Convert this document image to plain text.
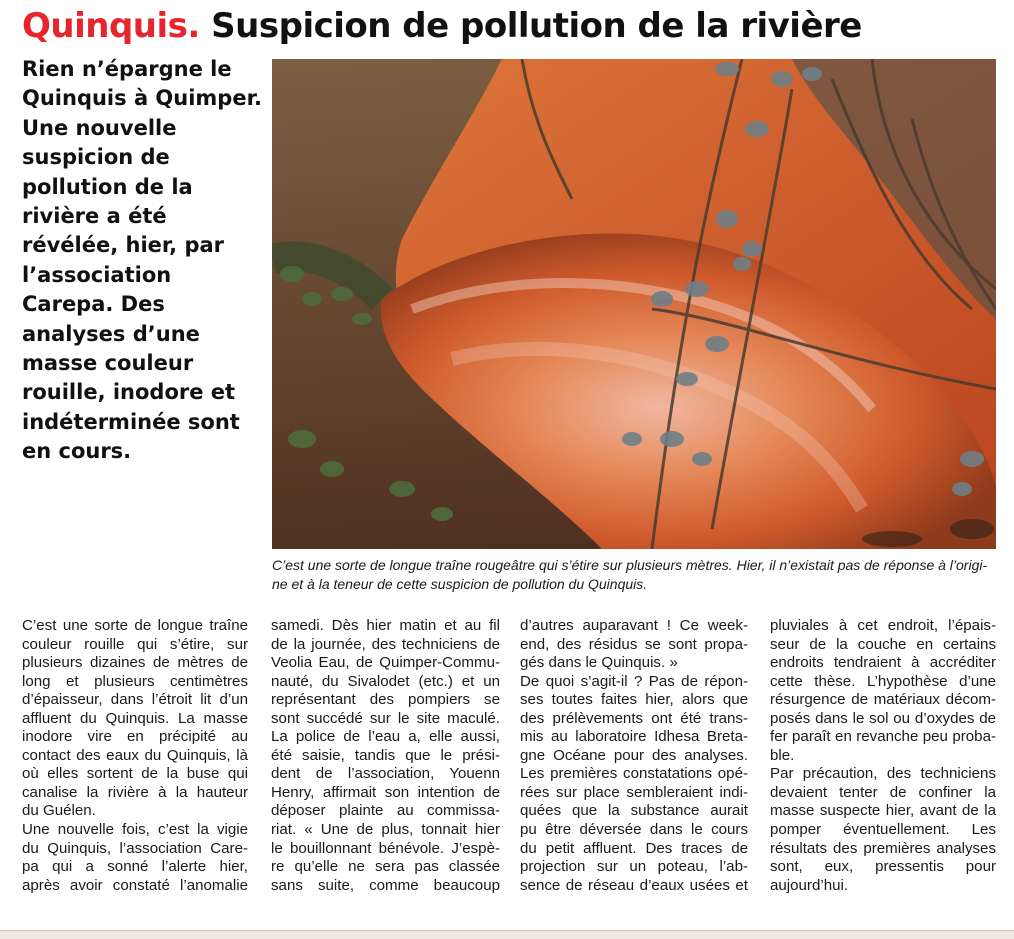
Quinquis. Suspicion de pollution de la rivière
Rien n’épargne le
Quinquis à Quimper.
Une nouvelle
suspicion de
pollution de la
rivière a été
révélée, hier, par
l’association
Carepa. Des
analyses d’une
masse couleur
rouille, inodore et
indéterminée sont
en cours.
C’est une sorte de longue traîne rougeâtre qui s’étire sur plusieurs mètres. Hier, il n’existait pas de réponse à l’origi-
ne et à la teneur de cette suspicion de pollution du Quinquis.
C’est une sorte de longue traîne
couleur rouille qui s’étire, sur
plusieurs dizaines de mètres de
long et plusieurs centimètres
d’épaisseur, dans l’étroit lit d’un
affluent du Quinquis. La masse
inodore vire en précipité au
contact des eaux du Quinquis, là
où elles sortent de la buse qui
canalise la rivière à la hauteur
du Guélen.
Une nouvelle fois, c’est la vigie
du Quinquis, l’association Care-
pa qui a sonné l’alerte hier,
après avoir constaté l’anomalie
samedi. Dès hier matin et au fil
de la journée, des techniciens de
Veolia Eau, de Quimper-Commu-
nauté, du Sivalodet (etc.) et un
représentant des pompiers se
sont succédé sur le site maculé.
La police de l’eau a, elle aussi,
été saisie, tandis que le prési-
dent de l’association, Youenn
Henry, affirmait son intention de
déposer plainte au commissa-
riat. « Une de plus, tonnait hier
le bouillonnant bénévole. J’espè-
re qu’elle ne sera pas classée
sans suite, comme beaucoup
d’autres auparavant ! Ce week-
end, des résidus se sont propa-
gés dans le Quinquis. »
De quoi s’agit-il ? Pas de répon-
ses toutes faites hier, alors que
des prélèvements ont été trans-
mis au laboratoire Idhesa Breta-
gne Océane pour des analyses.
Les premières constatations opé-
rées sur place sembleraient indi-
quées que la substance aurait
pu être déversée dans le cours
du petit affluent. Des traces de
projection sur un poteau, l’ab-
sence de réseau d’eaux usées et
pluviales à cet endroit, l’épais-
seur de la couche en certains
endroits tendraient à accréditer
cette thèse. L’hypothèse d’une
résurgence de matériaux décom-
posés dans le sol ou d’oxydes de
fer paraît en revanche peu proba-
ble.
Par précaution, des techniciens
devaient tenter de confiner la
masse suspecte hier, avant de la
pomper éventuellement. Les
résultats des premières analyses
sont, eux, pressentis pour
aujourd’hui.
